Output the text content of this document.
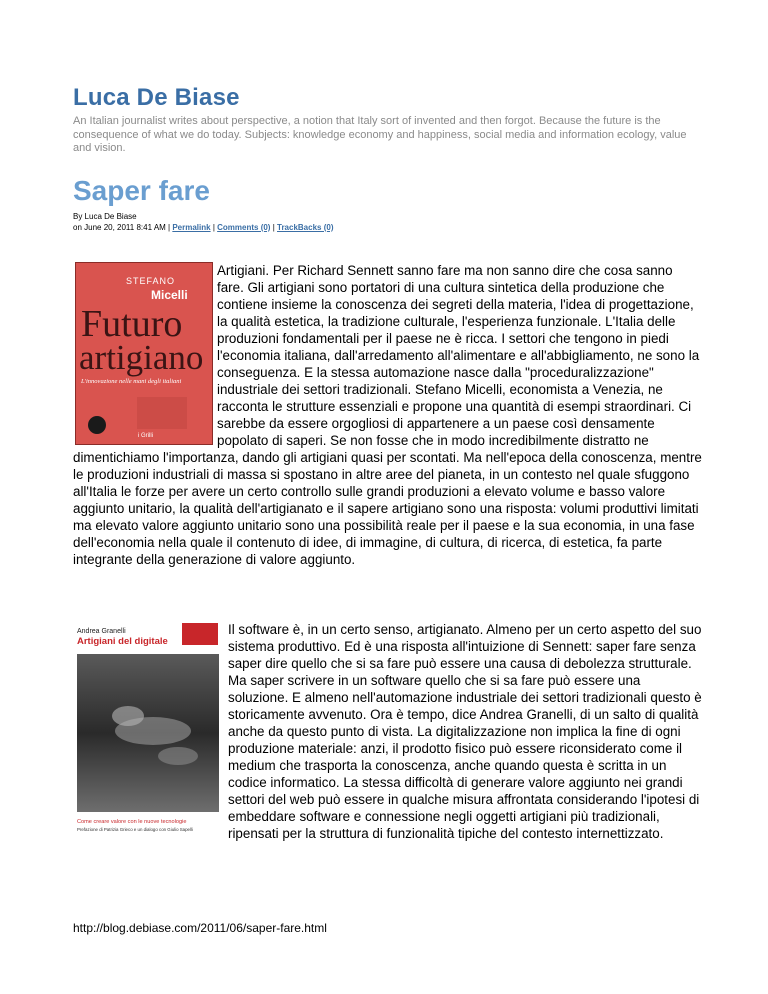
Luca De Biase

An Italian journalist writes about perspective, a notion that Italy sort of invented and then forgot. Because the future is the consequence of what we do today. Subjects: knowledge economy and happiness, social media and information ecology, value and vision.

Saper fare
By Luca De Biase
on June 20, 2011 8:41 AM | Permalink | Comments (0) | TrackBacks (0)
STEFANO
Micelli
Futuro
artigiano
L'innovazione nelle mani degli italiani
i Grilli
Artigiani. Per Richard Sennett sanno fare ma non sanno dire che cosa sanno fare. Gli artigiani sono portatori di una cultura sintetica della produzione che contiene insieme la conoscenza dei segreti della materia, l'idea di progettazione, la qualità estetica, la tradizione culturale, l'esperienza funzionale. L'Italia delle produzioni fondamentali per il paese ne è ricca. I settori che tengono in piedi l'economia italiana, dall'arredamento all'alimentare e all'abbigliamento, ne sono la conseguenza. E la stessa automazione nasce dalla "proceduralizzazione" industriale dei settori tradizionali. Stefano Micelli, economista a Venezia, ne racconta le strutture essenziali e propone una quantità di esempi straordinari. Ci sarebbe da essere orgogliosi di appartenere a un paese così densamente popolato di saperi. Se non fosse che in modo incredibilmente distratto ne dimentichiamo l'importanza, dando gli artigiani quasi per scontati. Ma nell'epoca della conoscenza, mentre le produzioni industriali di massa si spostano in altre aree del pianeta, in un contesto nel quale sfuggono all'Italia le forze per avere un certo controllo sulle grandi produzioni a elevato volume e basso valore aggiunto unitario, la qualità dell'artigianato e il sapere artigiano sono una risposta: volumi produttivi limitati ma elevato valore aggiunto unitario sono una possibilità reale per il paese e la sua economia, in una fase dell'economia nella quale il contenuto di idee, di immagine, di cultura, di ricerca, di estetica, fa parte integrante della generazione di valore aggiunto.
Andrea Granelli
Artigiani del digitale
Come creare valore con le nuove tecnologie
Prefazione di Patrizia Grieco e un dialogo con Giulio Sapelli
Il software è, in un certo senso, artigianato. Almeno per un certo aspetto del suo sistema produttivo. Ed è una risposta all'intuizione di Sennett: saper fare senza saper dire quello che si sa fare può essere una causa di debolezza strutturale. Ma saper scrivere in un software quello che si sa fare può essere una soluzione. E almeno nell'automazione industriale dei settori tradizionali questo è storicamente avvenuto. Ora è tempo, dice Andrea Granelli, di un salto di qualità anche da questo punto di vista. La digitalizzazione non implica la fine di ogni produzione materiale: anzi, il prodotto fisico può essere riconsiderato come il medium che trasporta la conoscenza, anche quando questa è scritta in un codice informatico. La stessa difficoltà di generare valore aggiunto nei grandi settori del web può essere in qualche misura affrontata considerando l'ipotesi di embeddare software e connessione negli oggetti artigiani più tradizionali, ripensati per la struttura di funzionalità tipiche del contesto internettizzato.

http://blog.debiase.com/2011/06/saper-fare.html
